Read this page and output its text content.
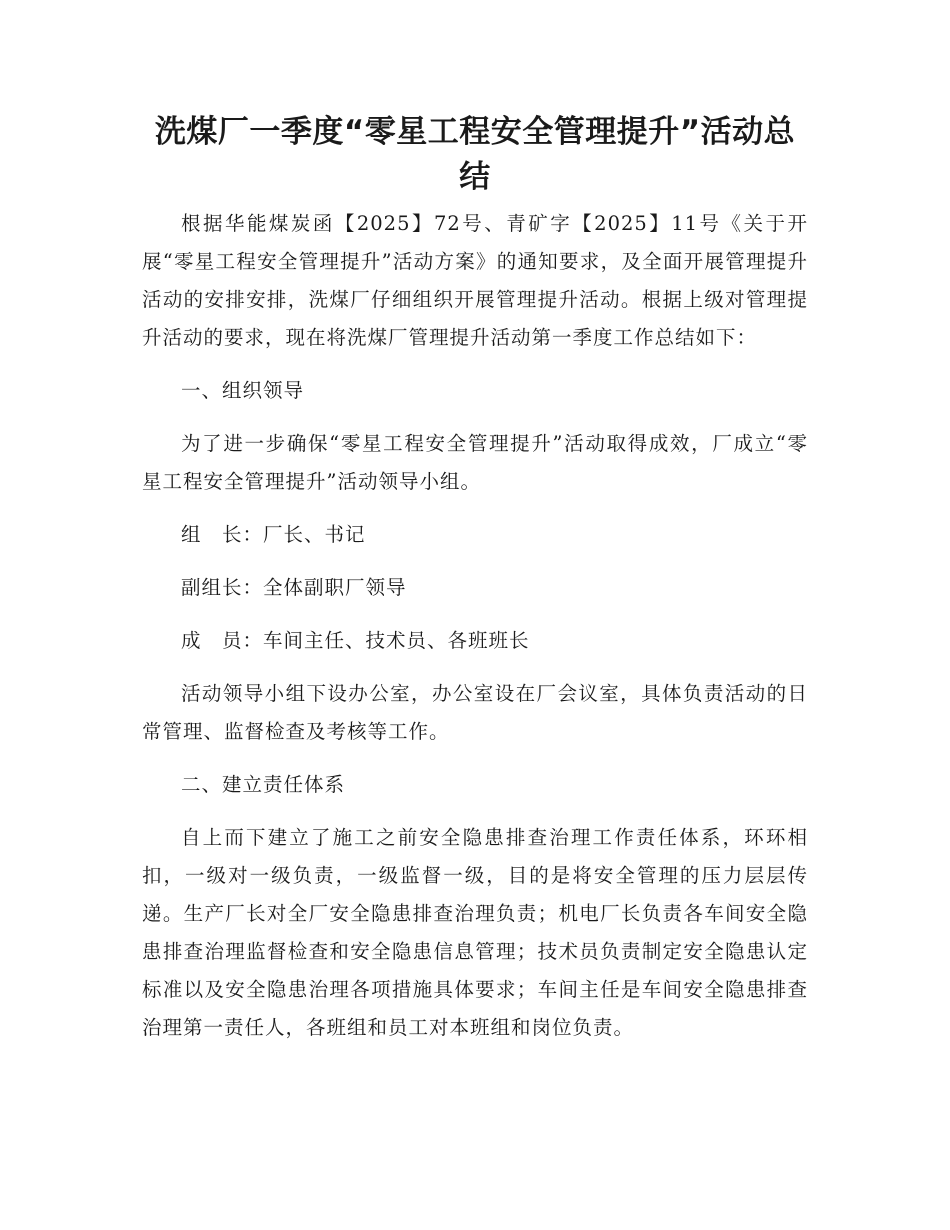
洗煤厂一季度“零星工程安全管理提升”活动总结

根据华能煤炭函【2025】72号、青矿字【2025】11号《关于开展“零星工程安全管理提升”活动方案》的通知要求，及全面开展管理提升活动的安排安排，洗煤厂仔细组织开展管理提升活动。根据上级对管理提升活动的要求，现在将洗煤厂管理提升活动第一季度工作总结如下：

一、组织领导

为了进一步确保“零星工程安全管理提升”活动取得成效，厂成立“零星工程安全管理提升”活动领导小组。

组　长：厂长、书记

副组长：全体副职厂领导

成　员：车间主任、技术员、各班班长

活动领导小组下设办公室，办公室设在厂会议室，具体负责活动的日常管理、监督检查及考核等工作。

二、建立责任体系

自上而下建立了施工之前安全隐患排查治理工作责任体系，环环相扣，一级对一级负责，一级监督一级，目的是将安全管理的压力层层传递。生产厂长对全厂安全隐患排查治理负责；机电厂长负责各车间安全隐患排查治理监督检查和安全隐患信息管理；技术员负责制定安全隐患认定标准以及安全隐患治理各项措施具体要求；车间主任是车间安全隐患排查治理第一责任人，各班组和员工对本班组和岗位负责。
